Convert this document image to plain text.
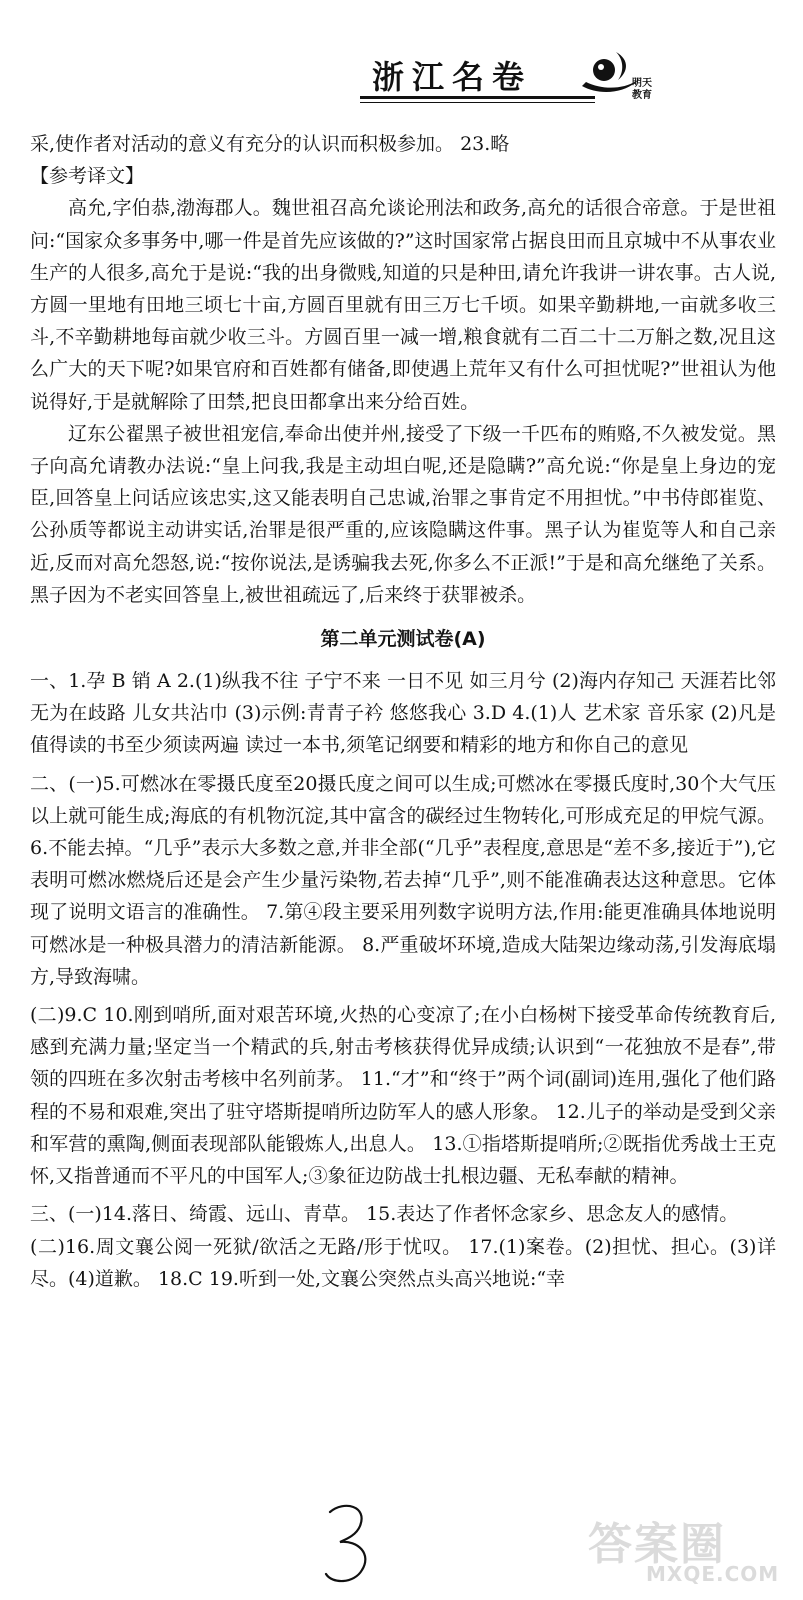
浙江名卷	明天教育

采,使作者对活动的意义有充分的认识而积极参加。 23.略

【参考译文】

高允,字伯恭,渤海郡人。魏世祖召高允谈论刑法和政务,高允的话很合帝意。于是世祖问:“国家众多事务中,哪一件是首先应该做的?”这时国家常占据良田而且京城中不从事农业生产的人很多,高允于是说:“我的出身微贱,知道的只是种田,请允许我讲一讲农事。古人说,方圆一里地有田地三顷七十亩,方圆百里就有田三万七千顷。如果辛勤耕地,一亩就多收三斗,不辛勤耕地每亩就少收三斗。方圆百里一减一增,粮食就有二百二十二万斛之数,况且这么广大的天下呢?如果官府和百姓都有储备,即使遇上荒年又有什么可担忧呢?”世祖认为他说得好,于是就解除了田禁,把良田都拿出来分给百姓。

辽东公翟黑子被世祖宠信,奉命出使并州,接受了下级一千匹布的贿赂,不久被发觉。黑子向高允请教办法说:“皇上问我,我是主动坦白呢,还是隐瞒?”高允说:“你是皇上身边的宠臣,回答皇上问话应该忠实,这又能表明自己忠诚,治罪之事肯定不用担忧。”中书侍郎崔览、公孙质等都说主动讲实话,治罪是很严重的,应该隐瞒这件事。黑子认为崔览等人和自己亲近,反而对高允怨怒,说:“按你说法,是诱骗我去死,你多么不正派!”于是和高允继绝了关系。黑子因为不老实回答皇上,被世祖疏远了,后来终于获罪被杀。

第二单元测试卷(A)

一、1.孕 B 销 A 2.(1)纵我不往 子宁不来 一日不见 如三月兮 (2)海内存知己 天涯若比邻 无为在歧路 儿女共沾巾 (3)示例:青青子衿 悠悠我心 3.D 4.(1)人 艺术家 音乐家 (2)凡是值得读的书至少须读两遍 读过一本书,须笔记纲要和精彩的地方和你自己的意见

二、(一)5.可燃冰在零摄氏度至20摄氏度之间可以生成;可燃冰在零摄氏度时,30个大气压以上就可能生成;海底的有机物沉淀,其中富含的碳经过生物转化,可形成充足的甲烷气源。 6.不能去掉。“几乎”表示大多数之意,并非全部(“几乎”表程度,意思是“差不多,接近于”),它表明可燃冰燃烧后还是会产生少量污染物,若去掉“几乎”,则不能准确表达这种意思。它体现了说明文语言的准确性。 7.第④段主要采用列数字说明方法,作用:能更准确具体地说明可燃冰是一种极具潜力的清洁新能源。 8.严重破坏环境,造成大陆架边缘动荡,引发海底塌方,导致海啸。

(二)9.C 10.刚到哨所,面对艰苦环境,火热的心变凉了;在小白杨树下接受革命传统教育后,感到充满力量;坚定当一个精武的兵,射击考核获得优异成绩;认识到“一花独放不是春”,带领的四班在多次射击考核中名列前茅。 11.“才”和“终于”两个词(副词)连用,强化了他们路程的不易和艰难,突出了驻守塔斯提哨所边防军人的感人形象。 12.儿子的举动是受到父亲和军营的熏陶,侧面表现部队能锻炼人,出息人。 13.①指塔斯提哨所;②既指优秀战士王克怀,又指普通而不平凡的中国军人;③象征边防战士扎根边疆、无私奉献的精神。

三、(一)14.落日、绮霞、远山、青草。 15.表达了作者怀念家乡、思念友人的感情。

(二)16.周文襄公阅一死狱/欲活之无路/形于忧叹。 17.(1)案卷。(2)担忧、担心。(3)详尽。(4)道歉。 18.C 19.听到一处,文襄公突然点头高兴地说:“幸

3
答案圈
MXQE.COM
